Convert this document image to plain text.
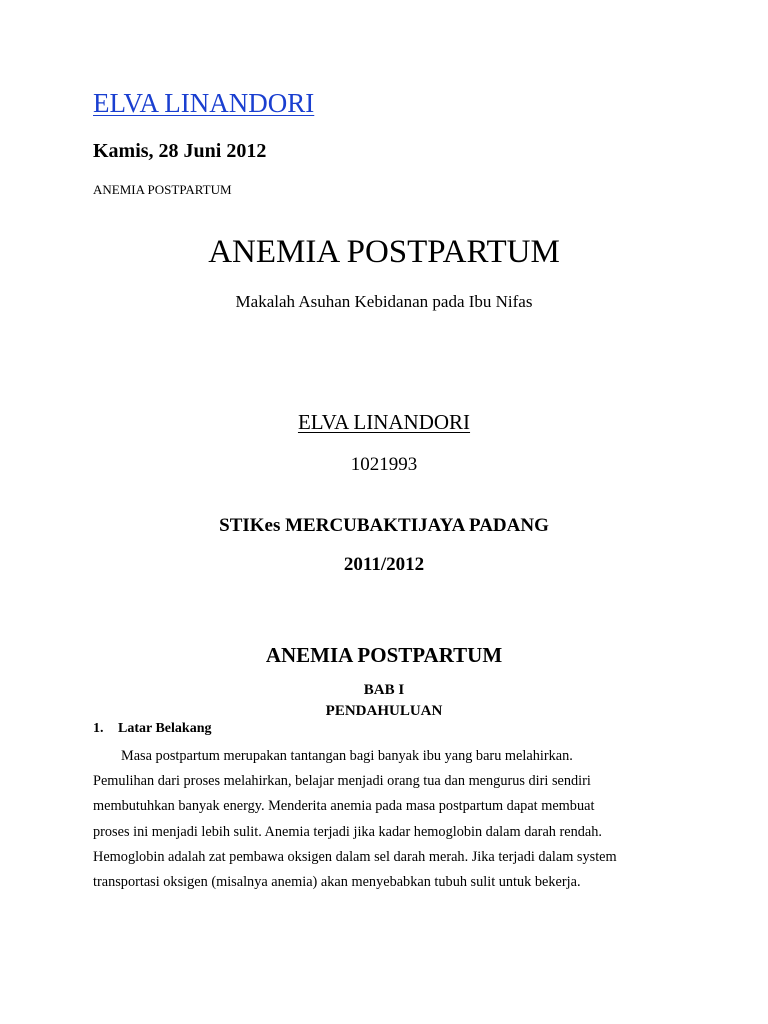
ELVA LINANDORI
Kamis, 28 Juni 2012
ANEMIA POSTPARTUM
ANEMIA POSTPARTUM
Makalah Asuhan Kebidanan pada Ibu Nifas
ELVA LINANDORI
1021993
STIKes MERCUBAKTIJAYA PADANG
2011/2012
ANEMIA POSTPARTUM
BAB I
PENDAHULUAN
1. Latar Belakang
Masa postpartum merupakan tantangan bagi banyak ibu yang baru melahirkan.
Pemulihan dari proses melahirkan, belajar menjadi orang tua dan mengurus diri sendiri
membutuhkan banyak energy. Menderita anemia pada masa postpartum dapat membuat
proses ini menjadi lebih sulit. Anemia terjadi jika kadar hemoglobin dalam darah rendah.
Hemoglobin adalah zat pembawa oksigen dalam sel darah merah. Jika terjadi dalam system
transportasi oksigen (misalnya anemia) akan menyebabkan tubuh sulit untuk bekerja.
